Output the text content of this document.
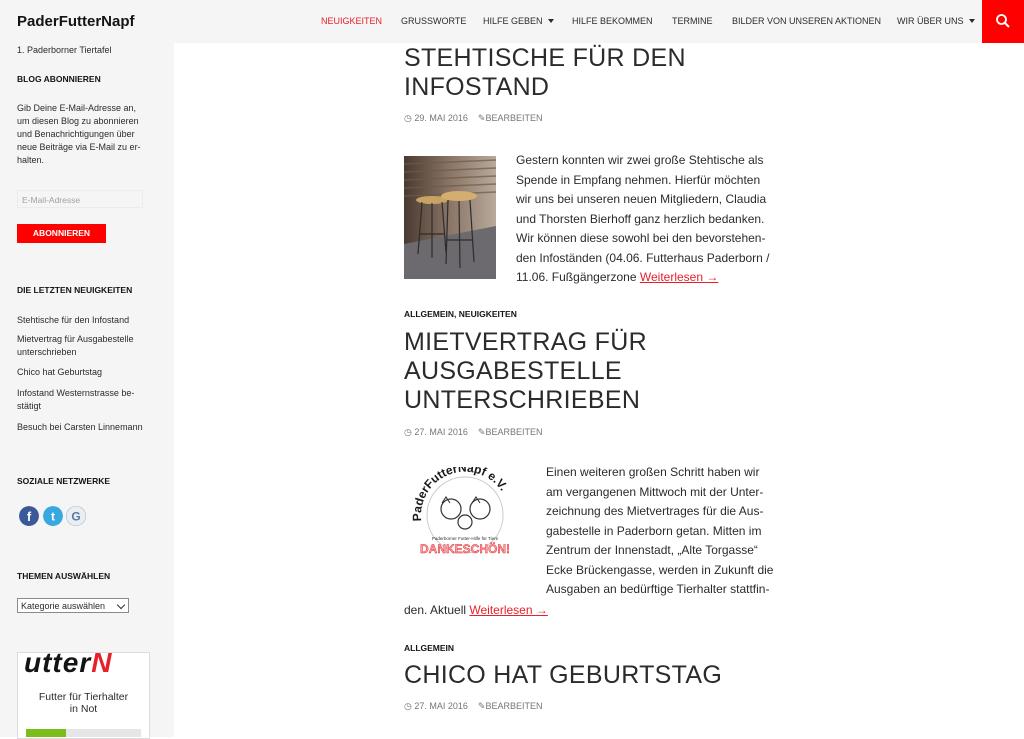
PaderFutterNapf	NEUIGKEITEN GRUSSWORTE HILFE GEBEN	HILFE BEKOMMEN TERMINE BILDER VON UNSEREN AKTIONEN WIR ÜBER UNS
1. Paderborner Tiertafel
BLOG ABONNIEREN
Gib Deine E-Mail-Adresse an,
um diesen Blog zu abonnieren
und Benachrichtigungen über
neue Beiträge via E-Mail zu er-
halten.
E-Mail-Adresse
ABONNIEREN
DIE LETZTEN NEUIGKEITEN
Stehtische für den Infostand
Mietvertrag für Ausgabestelle
unterschrieben
Chico hat Geburtstag
Infostand Westernstrasse be-
stätigt
Besuch bei Carsten Linnemann
SOZIALE NETZWERKE
f t G
THEMEN AUSWÄHLEN
Kategorie auswählen
utterN
Futter für Tierhalter
in Not
STEHTISCHE FÜR DEN
INFOSTAND
◷ 29. MAI 2016 ✎BEARBEITEN
Gestern konnten wir zwei große Stehtische als
Spende in Empfang nehmen. Hierfür möchten
wir uns bei unseren neuen Mitgliedern, Claudia
und Thorsten Bierhoff ganz herzlich bedanken.
Wir können diese sowohl bei den bevorstehen-
den Infoständen (04.06. Futterhaus Paderborn /
11.06. Fußgängerzone Weiterlesen →
ALLGEMEIN, NEUIGKEITEN
MIETVERTRAG FÜR
AUSGABESTELLE
UNTERSCHRIEBEN
◷ 27. MAI 2016 ✎BEARBEITEN
PaderFutterNapf e.V.
Paderborner Futter-Hilfe für Tiere
DANKESCHÖN!
Einen weiteren großen Schritt haben wir
am vergangenen Mittwoch mit der Unter-
zeichnung des Mietvertrages für die Aus-
gabestelle in Paderborn getan. Mitten im
Zentrum der Innenstadt, „Alte Torgasse“
Ecke Brückengasse, werden in Zukunft die
Ausgaben an bedürftige Tierhalter stattfin-
den. Aktuell Weiterlesen →
ALLGEMEIN
CHICO HAT GEBURTSTAG
◷ 27. MAI 2016 ✎BEARBEITEN
